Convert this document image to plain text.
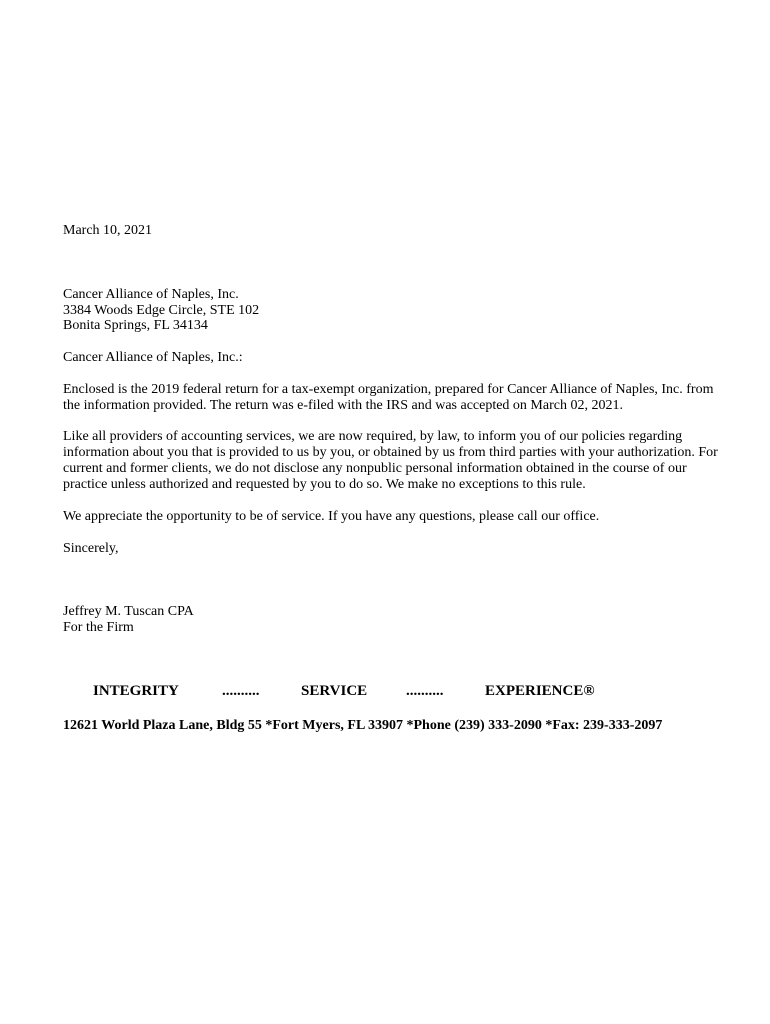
March 10, 2021
Cancer Alliance of Naples, Inc.
3384 Woods Edge Circle, STE 102
Bonita Springs, FL 34134
Cancer Alliance of Naples, Inc.:
Enclosed is the 2019 federal return for a tax-exempt organization, prepared for Cancer Alliance of Naples, Inc. from
the information provided. The return was e-filed with the IRS and was accepted on March 02, 2021.
Like all providers of accounting services, we are now required, by law, to inform you of our policies regarding
information about you that is provided to us by you, or obtained by us from third parties with your authorization. For
current and former clients, we do not disclose any nonpublic personal information obtained in the course of our
practice unless authorized and requested by you to do so. We make no exceptions to this rule.
We appreciate the opportunity to be of service. If you have any questions, please call our office.
Sincerely,
Jeffrey M. Tuscan CPA
For the Firm
INTEGRITY	..........	SERVICE	..........	EXPERIENCE®
12621 World Plaza Lane, Bldg 55 *Fort Myers, FL 33907 *Phone (239) 333-2090 *Fax: 239-333-2097
